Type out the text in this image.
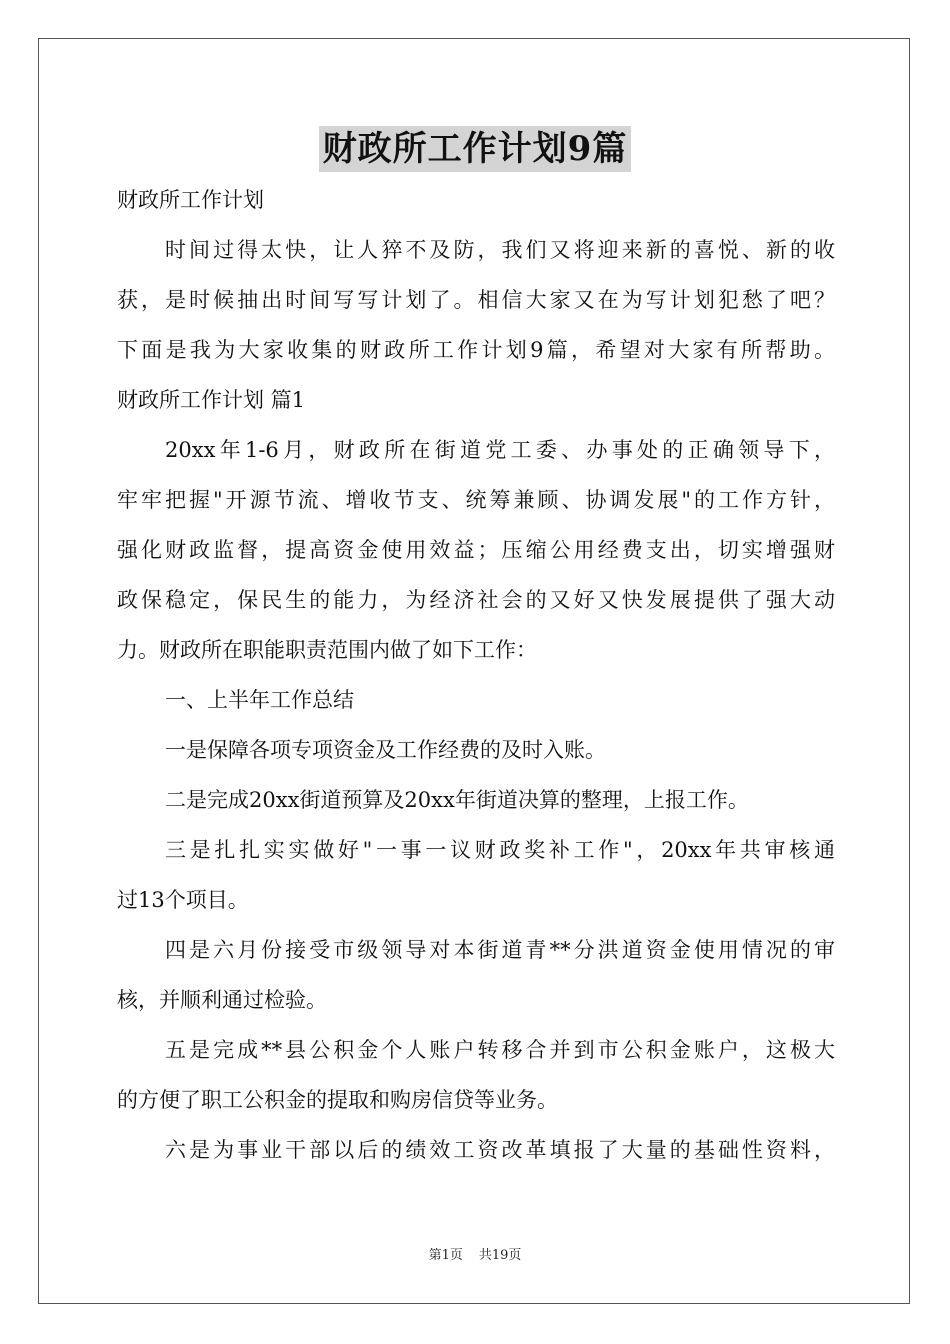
财政所工作计划9篇
财政所工作计划
时间过得太快，让人猝不及防，我们又将迎来新的喜悦、新的收
获，是时候抽出时间写写计划了。相信大家又在为写计划犯愁了吧？
下面是我为大家收集的财政所工作计划9篇，希望对大家有所帮助。
财政所工作计划 篇1
20xx年1-6月，财政所在街道党工委、办事处的正确领导下，
牢牢把握"开源节流、增收节支、统筹兼顾、协调发展"的工作方针，
强化财政监督，提高资金使用效益；压缩公用经费支出，切实增强财
政保稳定，保民生的能力，为经济社会的又好又快发展提供了强大动
力。财政所在职能职责范围内做了如下工作：
一、上半年工作总结
一是保障各项专项资金及工作经费的及时入账。
二是完成20xx街道预算及20xx年街道决算的整理，上报工作。
三是扎扎实实做好"一事一议财政奖补工作"，20xx年共审核通
过13个项目。
四是六月份接受市级领导对本街道青**分洪道资金使用情况的审
核，并顺利通过检验。
五是完成**县公积金个人账户转移合并到市公积金账户，这极大
的方便了职工公积金的提取和购房信贷等业务。
六是为事业干部以后的绩效工资改革填报了大量的基础性资料，
第1页 共19页
